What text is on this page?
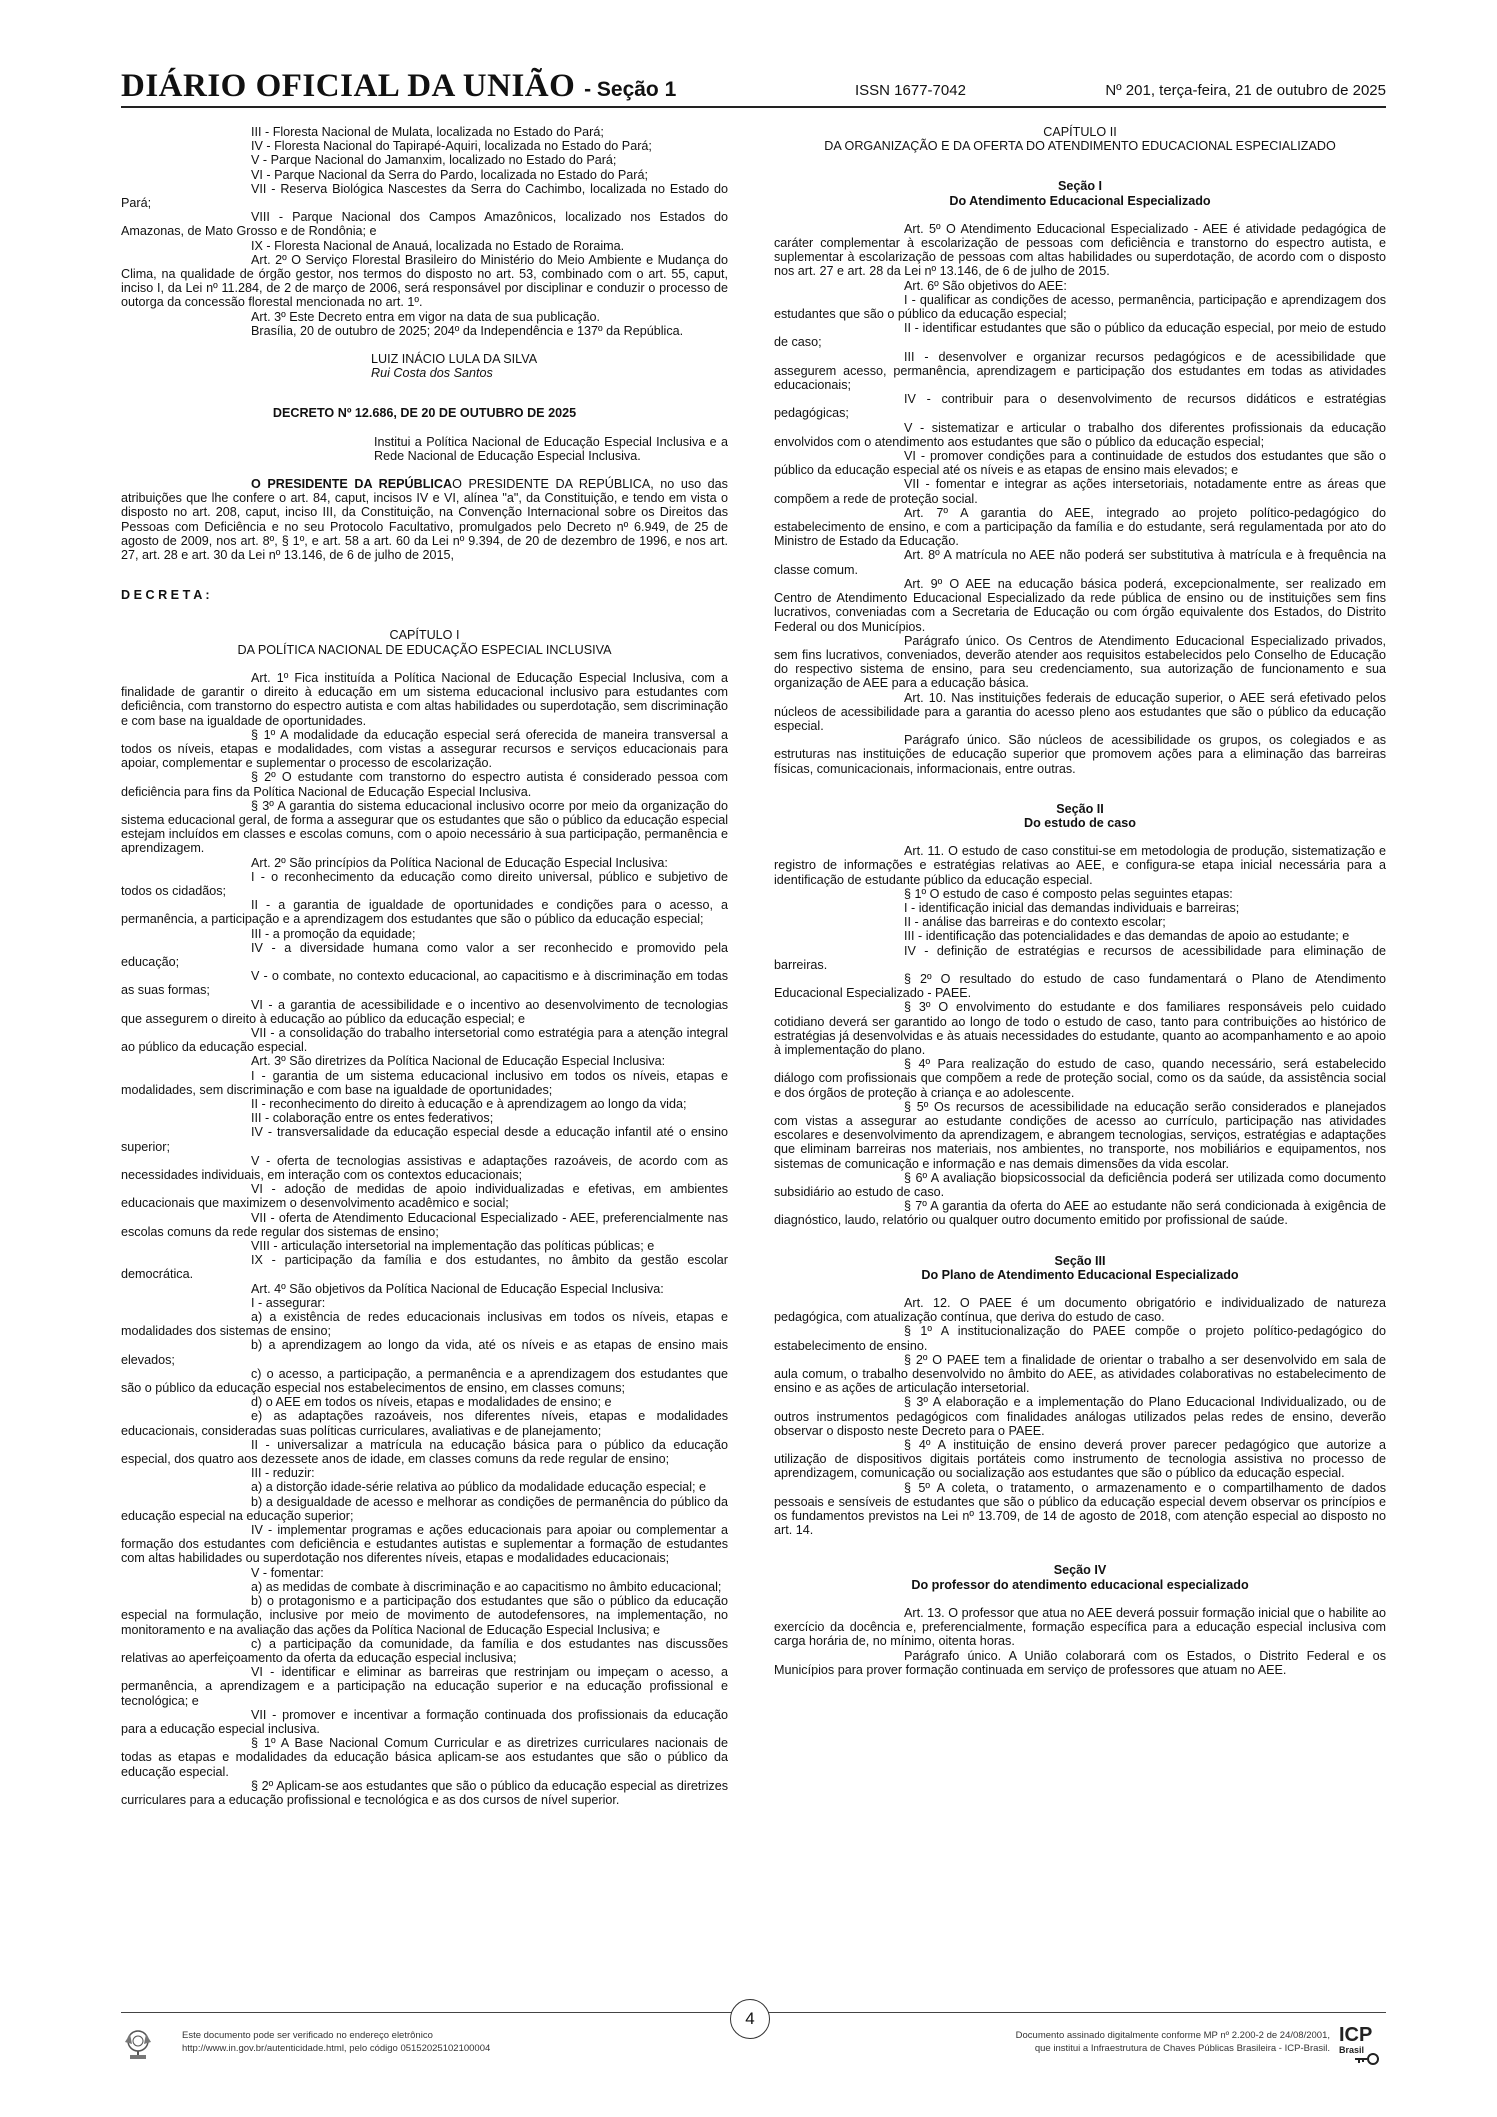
DIÁRIO OFICIAL DA UNIÃO - Seção 1	ISSN 1677-7042	Nº 201, terça-feira, 21 de outubro de 2025

III - Floresta Nacional de Mulata, localizada no Estado do Pará;

IV - Floresta Nacional do Tapirapé-Aquiri, localizada no Estado do Pará;

V - Parque Nacional do Jamanxim, localizado no Estado do Pará;

VI - Parque Nacional da Serra do Pardo, localizada no Estado do Pará;

VII - Reserva Biológica Nascestes da Serra do Cachimbo, localizada no Estado do Pará;

VIII - Parque Nacional dos Campos Amazônicos, localizado nos Estados do Amazonas, de Mato Grosso e de Rondônia; e

IX - Floresta Nacional de Anauá, localizada no Estado de Roraima.

Art. 2º O Serviço Florestal Brasileiro do Ministério do Meio Ambiente e Mudança do Clima, na qualidade de órgão gestor, nos termos do disposto no art. 53, combinado com o art. 55, caput, inciso I, da Lei nº 11.284, de 2 de março de 2006, será responsável por disciplinar e conduzir o processo de outorga da concessão florestal mencionada no art. 1º.

Art. 3º Este Decreto entra em vigor na data de sua publicação.

Brasília, 20 de outubro de 2025; 204º da Independência e 137º da República.

LUIZ INÁCIO LULA DA SILVA

Rui Costa dos Santos

DECRETO Nº 12.686, DE 20 DE OUTUBRO DE 2025

Institui a Política Nacional de Educação Especial Inclusiva e a Rede Nacional de Educação Especial Inclusiva.

O PRESIDENTE DA REPÚBLICAO PRESIDENTE DA REPÚBLICA, no uso das atribuições que lhe confere o art. 84, caput, incisos IV e VI, alínea "a", da Constituição, e tendo em vista o disposto no art. 208, caput, inciso III, da Constituição, na Convenção Internacional sobre os Direitos das Pessoas com Deficiência e no seu Protocolo Facultativo, promulgados pelo Decreto nº 6.949, de 25 de agosto de 2009, nos art. 8º, § 1º, e art. 58 a art. 60 da Lei nº 9.394, de 20 de dezembro de 1996, e nos art. 27, art. 28 e art. 30 da Lei nº 13.146, de 6 de julho de 2015,

D E C R E T A :

CAPÍTULO I

DA POLÍTICA NACIONAL DE EDUCAÇÃO ESPECIAL INCLUSIVA

Art. 1º Fica instituída a Política Nacional de Educação Especial Inclusiva, com a finalidade de garantir o direito à educação em um sistema educacional inclusivo para estudantes com deficiência, com transtorno do espectro autista e com altas habilidades ou superdotação, sem discriminação e com base na igualdade de oportunidades.

§ 1º A modalidade da educação especial será oferecida de maneira transversal a todos os níveis, etapas e modalidades, com vistas a assegurar recursos e serviços educacionais para apoiar, complementar e suplementar o processo de escolarização.

§ 2º O estudante com transtorno do espectro autista é considerado pessoa com deficiência para fins da Política Nacional de Educação Especial Inclusiva.

§ 3º A garantia do sistema educacional inclusivo ocorre por meio da organização do sistema educacional geral, de forma a assegurar que os estudantes que são o público da educação especial estejam incluídos em classes e escolas comuns, com o apoio necessário à sua participação, permanência e aprendizagem.

Art. 2º São princípios da Política Nacional de Educação Especial Inclusiva:

I - o reconhecimento da educação como direito universal, público e subjetivo de todos os cidadãos;

II - a garantia de igualdade de oportunidades e condições para o acesso, a permanência, a participação e a aprendizagem dos estudantes que são o público da educação especial;

III - a promoção da equidade;

IV - a diversidade humana como valor a ser reconhecido e promovido pela educação;

V - o combate, no contexto educacional, ao capacitismo e à discriminação em todas as suas formas;

VI - a garantia de acessibilidade e o incentivo ao desenvolvimento de tecnologias que assegurem o direito à educação ao público da educação especial; e

VII - a consolidação do trabalho intersetorial como estratégia para a atenção integral ao público da educação especial.

Art. 3º São diretrizes da Política Nacional de Educação Especial Inclusiva:

I - garantia de um sistema educacional inclusivo em todos os níveis, etapas e modalidades, sem discriminação e com base na igualdade de oportunidades;

II - reconhecimento do direito à educação e à aprendizagem ao longo da vida;

III - colaboração entre os entes federativos;

IV - transversalidade da educação especial desde a educação infantil até o ensino superior;

V - oferta de tecnologias assistivas e adaptações razoáveis, de acordo com as necessidades individuais, em interação com os contextos educacionais;

VI - adoção de medidas de apoio individualizadas e efetivas, em ambientes educacionais que maximizem o desenvolvimento acadêmico e social;

VII - oferta de Atendimento Educacional Especializado - AEE, preferencialmente nas escolas comuns da rede regular dos sistemas de ensino;

VIII - articulação intersetorial na implementação das políticas públicas; e

IX - participação da família e dos estudantes, no âmbito da gestão escolar democrática.

Art. 4º São objetivos da Política Nacional de Educação Especial Inclusiva:

I - assegurar:

a) a existência de redes educacionais inclusivas em todos os níveis, etapas e modalidades dos sistemas de ensino;

b) a aprendizagem ao longo da vida, até os níveis e as etapas de ensino mais elevados;

c) o acesso, a participação, a permanência e a aprendizagem dos estudantes que são o público da educação especial nos estabelecimentos de ensino, em classes comuns;

d) o AEE em todos os níveis, etapas e modalidades de ensino; e

e) as adaptações razoáveis, nos diferentes níveis, etapas e modalidades educacionais, consideradas suas políticas curriculares, avaliativas e de planejamento;

II - universalizar a matrícula na educação básica para o público da educação especial, dos quatro aos dezessete anos de idade, em classes comuns da rede regular de ensino;

III - reduzir:

a) a distorção idade-série relativa ao público da modalidade educação especial; e

b) a desigualdade de acesso e melhorar as condições de permanência do público da educação especial na educação superior;

IV - implementar programas e ações educacionais para apoiar ou complementar a formação dos estudantes com deficiência e estudantes autistas e suplementar a formação de estudantes com altas habilidades ou superdotação nos diferentes níveis, etapas e modalidades educacionais;

V - fomentar:

a) as medidas de combate à discriminação e ao capacitismo no âmbito educacional;

b) o protagonismo e a participação dos estudantes que são o público da educação especial na formulação, inclusive por meio de movimento de autodefensores, na implementação, no monitoramento e na avaliação das ações da Política Nacional de Educação Especial Inclusiva; e

c) a participação da comunidade, da família e dos estudantes nas discussões relativas ao aperfeiçoamento da oferta da educação especial inclusiva;

VI - identificar e eliminar as barreiras que restrinjam ou impeçam o acesso, a permanência, a aprendizagem e a participação na educação superior e na educação profissional e tecnológica; e

VII - promover e incentivar a formação continuada dos profissionais da educação para a educação especial inclusiva.

§ 1º A Base Nacional Comum Curricular e as diretrizes curriculares nacionais de todas as etapas e modalidades da educação básica aplicam-se aos estudantes que são o público da educação especial.

§ 2º Aplicam-se aos estudantes que são o público da educação especial as diretrizes curriculares para a educação profissional e tecnológica e as dos cursos de nível superior.

CAPÍTULO II

DA ORGANIZAÇÃO E DA OFERTA DO ATENDIMENTO EDUCACIONAL ESPECIALIZADO

Seção I

Do Atendimento Educacional Especializado

Art. 5º O Atendimento Educacional Especializado - AEE é atividade pedagógica de caráter complementar à escolarização de pessoas com deficiência e transtorno do espectro autista, e suplementar à escolarização de pessoas com altas habilidades ou superdotação, de acordo com o disposto nos art. 27 e art. 28 da Lei nº 13.146, de 6 de julho de 2015.

Art. 6º São objetivos do AEE:

I - qualificar as condições de acesso, permanência, participação e aprendizagem dos estudantes que são o público da educação especial;

II - identificar estudantes que são o público da educação especial, por meio de estudo de caso;

III - desenvolver e organizar recursos pedagógicos e de acessibilidade que assegurem acesso, permanência, aprendizagem e participação dos estudantes em todas as atividades educacionais;

IV - contribuir para o desenvolvimento de recursos didáticos e estratégias pedagógicas;

V - sistematizar e articular o trabalho dos diferentes profissionais da educação envolvidos com o atendimento aos estudantes que são o público da educação especial;

VI - promover condições para a continuidade de estudos dos estudantes que são o público da educação especial até os níveis e as etapas de ensino mais elevados; e

VII - fomentar e integrar as ações intersetoriais, notadamente entre as áreas que compõem a rede de proteção social.

Art. 7º A garantia do AEE, integrado ao projeto político-pedagógico do estabelecimento de ensino, e com a participação da família e do estudante, será regulamentada por ato do Ministro de Estado da Educação.

Art. 8º A matrícula no AEE não poderá ser substitutiva à matrícula e à frequência na classe comum.

Art. 9º O AEE na educação básica poderá, excepcionalmente, ser realizado em Centro de Atendimento Educacional Especializado da rede pública de ensino ou de instituições sem fins lucrativos, conveniadas com a Secretaria de Educação ou com órgão equivalente dos Estados, do Distrito Federal ou dos Municípios.

Parágrafo único. Os Centros de Atendimento Educacional Especializado privados, sem fins lucrativos, conveniados, deverão atender aos requisitos estabelecidos pelo Conselho de Educação do respectivo sistema de ensino, para seu credenciamento, sua autorização de funcionamento e sua organização de AEE para a educação básica.

Art. 10. Nas instituições federais de educação superior, o AEE será efetivado pelos núcleos de acessibilidade para a garantia do acesso pleno aos estudantes que são o público da educação especial.

Parágrafo único. São núcleos de acessibilidade os grupos, os colegiados e as estruturas nas instituições de educação superior que promovem ações para a eliminação das barreiras físicas, comunicacionais, informacionais, entre outras.

Seção II

Do estudo de caso

Art. 11. O estudo de caso constitui-se em metodologia de produção, sistematização e registro de informações e estratégias relativas ao AEE, e configura-se etapa inicial necessária para a identificação de estudante público da educação especial.

§ 1º O estudo de caso é composto pelas seguintes etapas:

I - identificação inicial das demandas individuais e barreiras;

II - análise das barreiras e do contexto escolar;

III - identificação das potencialidades e das demandas de apoio ao estudante; e

IV - definição de estratégias e recursos de acessibilidade para eliminação de barreiras.

§ 2º O resultado do estudo de caso fundamentará o Plano de Atendimento Educacional Especializado - PAEE.

§ 3º O envolvimento do estudante e dos familiares responsáveis pelo cuidado cotidiano deverá ser garantido ao longo de todo o estudo de caso, tanto para contribuições ao histórico de estratégias já desenvolvidas e às atuais necessidades do estudante, quanto ao acompanhamento e ao apoio à implementação do plano.

§ 4º Para realização do estudo de caso, quando necessário, será estabelecido diálogo com profissionais que compõem a rede de proteção social, como os da saúde, da assistência social e dos órgãos de proteção à criança e ao adolescente.

§ 5º Os recursos de acessibilidade na educação serão considerados e planejados com vistas a assegurar ao estudante condições de acesso ao currículo, participação nas atividades escolares e desenvolvimento da aprendizagem, e abrangem tecnologias, serviços, estratégias e adaptações que eliminam barreiras nos materiais, nos ambientes, no transporte, nos mobiliários e equipamentos, nos sistemas de comunicação e informação e nas demais dimensões da vida escolar.

§ 6º A avaliação biopsicossocial da deficiência poderá ser utilizada como documento subsidiário ao estudo de caso.

§ 7º A garantia da oferta do AEE ao estudante não será condicionada à exigência de diagnóstico, laudo, relatório ou qualquer outro documento emitido por profissional de saúde.

Seção III

Do Plano de Atendimento Educacional Especializado

Art. 12. O PAEE é um documento obrigatório e individualizado de natureza pedagógica, com atualização contínua, que deriva do estudo de caso.

§ 1º A institucionalização do PAEE compõe o projeto político-pedagógico do estabelecimento de ensino.

§ 2º O PAEE tem a finalidade de orientar o trabalho a ser desenvolvido em sala de aula comum, o trabalho desenvolvido no âmbito do AEE, as atividades colaborativas no estabelecimento de ensino e as ações de articulação intersetorial.

§ 3º A elaboração e a implementação do Plano Educacional Individualizado, ou de outros instrumentos pedagógicos com finalidades análogas utilizados pelas redes de ensino, deverão observar o disposto neste Decreto para o PAEE.

§ 4º A instituição de ensino deverá prover parecer pedagógico que autorize a utilização de dispositivos digitais portáteis como instrumento de tecnologia assistiva no processo de aprendizagem, comunicação ou socialização aos estudantes que são o público da educação especial.

§ 5º A coleta, o tratamento, o armazenamento e o compartilhamento de dados pessoais e sensíveis de estudantes que são o público da educação especial devem observar os princípios e os fundamentos previstos na Lei nº 13.709, de 14 de agosto de 2018, com atenção especial ao disposto no art. 14.

Seção IV

Do professor do atendimento educacional especializado

Art. 13. O professor que atua no AEE deverá possuir formação inicial que o habilite ao exercício da docência e, preferencialmente, formação específica para a educação especial inclusiva com carga horária de, no mínimo, oitenta horas.

Parágrafo único. A União colaborará com os Estados, o Distrito Federal e os Municípios para prover formação continuada em serviço de professores que atuam no AEE.

4
Este documento pode ser verificado no endereço eletrônico
http://www.in.gov.br/autenticidade.html, pelo código 05152025102100004
Documento assinado digitalmente conforme MP nº 2.200-2 de 24/08/2001,
que institui a Infraestrutura de Chaves Públicas Brasileira - ICP-Brasil.
ICP
Brasil
